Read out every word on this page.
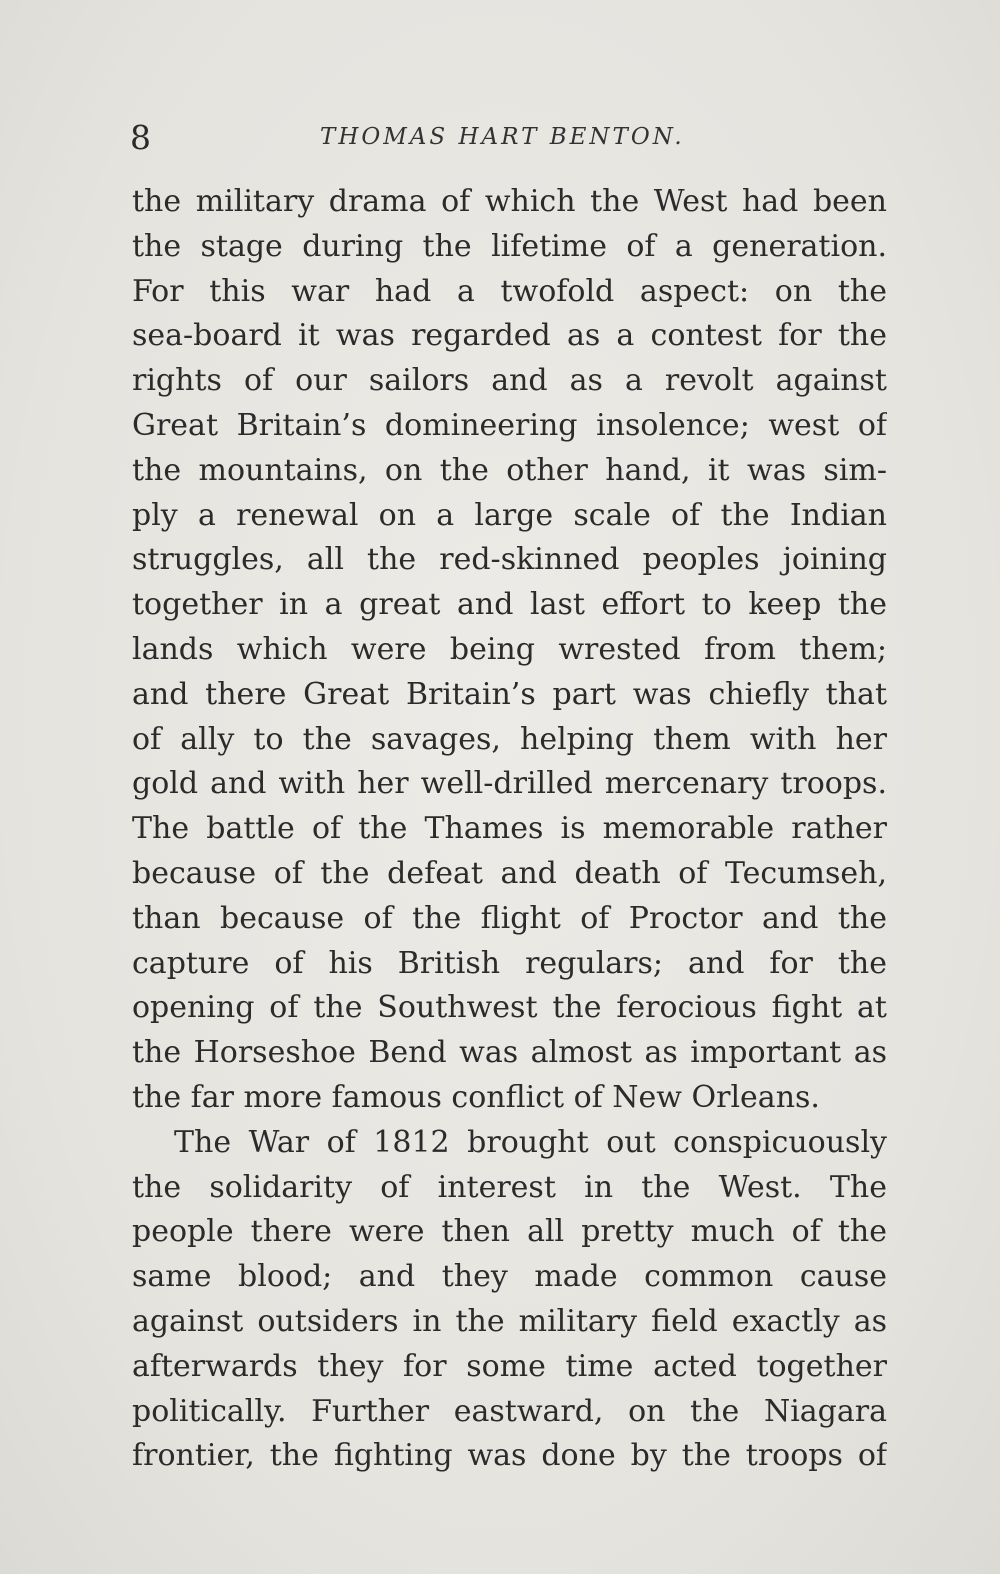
8	THOMAS HART BENTON.
the military drama of which the West had been
the stage during the lifetime of a generation.
For this war had a twofold aspect: on the
sea-board it was regarded as a contest for the
rights of our sailors and as a revolt against
Great Britain’s domineering insolence; west of
the mountains, on the other hand, it was sim-
ply a renewal on a large scale of the Indian
struggles, all the red-skinned peoples joining
together in a great and last effort to keep the
lands which were being wrested from them;
and there Great Britain’s part was chiefly that
of ally to the savages, helping them with her
gold and with her well-drilled mercenary troops.
The battle of the Thames is memorable rather
because of the defeat and death of Tecumseh,
than because of the flight of Proctor and the
capture of his British regulars; and for the
opening of the Southwest the ferocious fight at
the Horseshoe Bend was almost as important as
the far more famous conflict of New Orleans.
The War of 1812 brought out conspicuously
the solidarity of interest in the West. The
people there were then all pretty much of the
same blood; and they made common cause
against outsiders in the military field exactly as
afterwards they for some time acted together
politically. Further eastward, on the Niagara
frontier, the fighting was done by the troops of
